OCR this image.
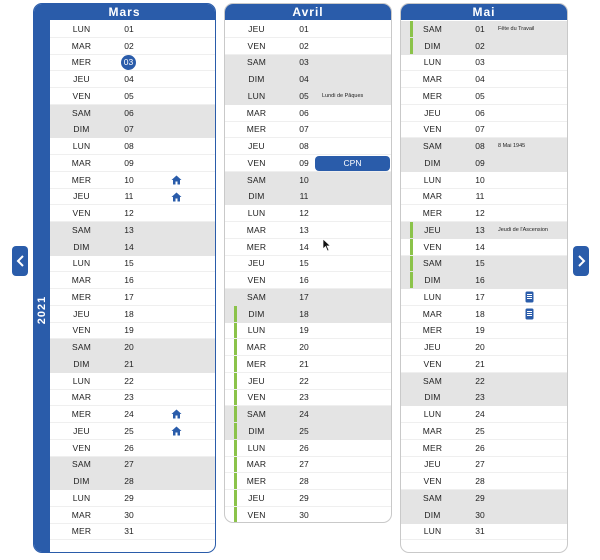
Mars
2021
LUN	01
MAR	02
MER	03
JEU	04
VEN	05
SAM	06
DIM	07
LUN	08
MAR	09
MER	10
JEU	11
VEN	12
SAM	13
DIM	14
LUN	15
MAR	16
MER	17
JEU	18
VEN	19
SAM	20
DIM	21
LUN	22
MAR	23
MER	24
JEU	25
VEN	26
SAM	27
DIM	28
LUN	29
MAR	30
MER	31
Avril
JEU	01
VEN	02
SAM	03
DIM	04
LUN	05	Lundi de Pâques
MAR	06
MER	07
JEU	08
VEN	09	CPN
SAM	10
DIM	11
LUN	12
MAR	13
MER	14
JEU	15
VEN	16
SAM	17
DIM	18
LUN	19
MAR	20
MER	21
JEU	22
VEN	23
SAM	24
DIM	25
LUN	26
MAR	27
MER	28
JEU	29
VEN	30
Mai
SAM	01	Fête du Travail
DIM	02
LUN	03
MAR	04
MER	05
JEU	06
VEN	07
SAM	08	8 Mai 1945
DIM	09
LUN	10
MAR	11
MER	12
JEU	13	Jeudi de l'Ascension
VEN	14
SAM	15
DIM	16
LUN	17
MAR	18
MER	19
JEU	20
VEN	21
SAM	22
DIM	23
LUN	24
MAR	25
MER	26
JEU	27
VEN	28
SAM	29
DIM	30
LUN	31
